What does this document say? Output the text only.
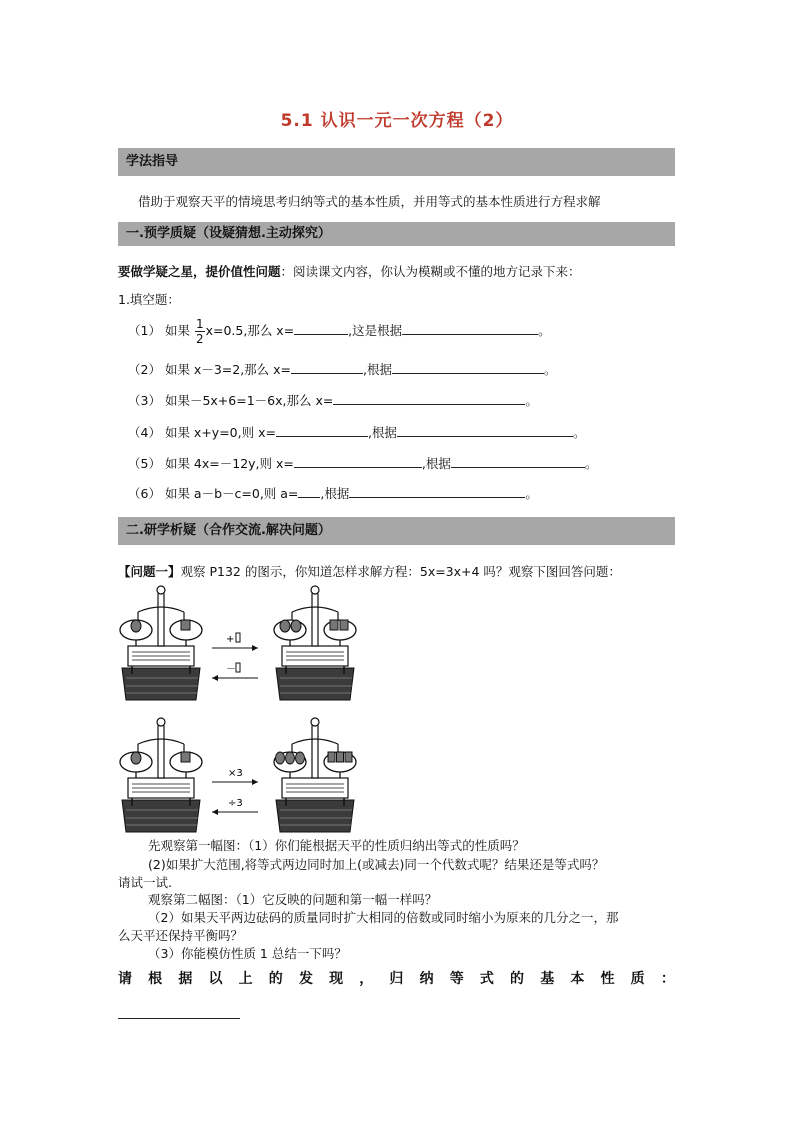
5.1 认识一元一次方程（2）
学法指导
借助于观察天平的情境思考归纳等式的基本性质，并用等式的基本性质进行方程求解
一.预学质疑（设疑猜想.主动探究）
要做学疑之星，提价值性问题：阅读课文内容，你认为模糊或不懂的地方记录下来：
1.填空题：
（1） 如果 $\frac{1}{2} x=0.5$,那么 x=	,这是根据	。
（2） 如果 x－3=2,那么 x=	,根据	。
（3） 如果－5x+6=1－6x,那么 x=	。
（4） 如果 x+y=0,则 x=	,根据	。
（5） 如果 4x=－12y,则 x=	,根据	。
（6） 如果 a－b－c=0,则 a= ,根据	。
二.研学析疑（合作交流.解决问题）
【问题一】观察 P132 的图示，你知道怎样求解方程：5x=3x+4 吗？观察下图回答问题：
+
－
×3
÷3
先观察第一幅图：（1）你们能根据天平的性质归纳出等式的性质吗？
(2)如果扩大范围,将等式两边同时加上(或减去)同一个代数式呢？结果还是等式吗？
请试一试.
观察第二幅图：（1）它反映的问题和第一幅一样吗？
（2）如果天平两边砝码的质量同时扩大相同的倍数或同时缩小为原来的几分之一，那
么天平还保持平衡吗？
（3）你能模仿性质 1 总结一下吗？
请 根 据 以 上 的 发 现 ， 归 纳 等 式 的 基 本 性 质 ：
